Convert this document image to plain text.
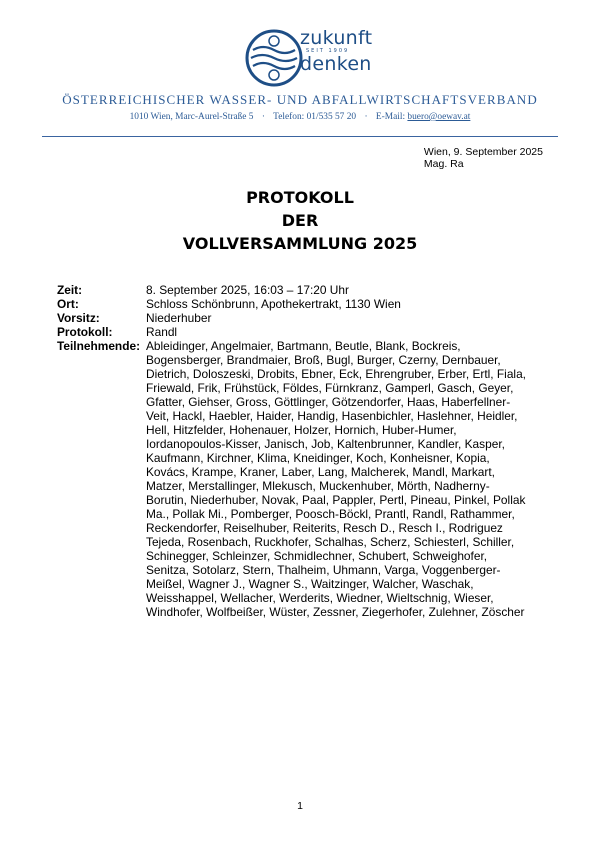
zukunft
SEIT 1909
denken
ÖSTERREICHISCHER WASSER- UND ABFALLWIRTSCHAFTSVERBAND
1010 Wien, Marc-Aurel-Straße 5 · Telefon: 01/535 57 20 · E-Mail: buero@oewav.at
Wien, 9. September 2025
Mag. Ra
PROTOKOLL
DER
VOLLVERSAMMLUNG 2025
Zeit:	8. September 2025, 16:03 – 17:20 Uhr
Ort:	Schloss Schönbrunn, Apothekertrakt, 1130 Wien
Vorsitz:	Niederhuber
Protokoll:	Randl
Teilnehmende: Ableidinger, Angelmaier, Bartmann, Beutle, Blank, Bockreis,
Bogensberger, Brandmaier, Broß, Bugl, Burger, Czerny, Dernbauer,
Dietrich, Doloszeski, Drobits, Ebner, Eck, Ehrengruber, Erber, Ertl, Fiala,
Friewald, Frik, Frühstück, Földes, Fürnkranz, Gamperl, Gasch, Geyer,
Gfatter, Giehser, Gross, Göttlinger, Götzendorfer, Haas, Haberfellner-
Veit, Hackl, Haebler, Haider, Handig, Hasenbichler, Haslehner, Heidler,
Hell, Hitzfelder, Hohenauer, Holzer, Hornich, Huber-Humer,
Iordanopoulos-Kisser, Janisch, Job, Kaltenbrunner, Kandler, Kasper,
Kaufmann, Kirchner, Klima, Kneidinger, Koch, Konheisner, Kopia,
Kovács, Krampe, Kraner, Laber, Lang, Malcherek, Mandl, Markart,
Matzer, Merstallinger, Mlekusch, Muckenhuber, Mörth, Nadherny-
Borutin, Niederhuber, Novak, Paal, Pappler, Pertl, Pineau, Pinkel, Pollak
Ma., Pollak Mi., Pomberger, Poosch-Böckl, Prantl, Randl, Rathammer,
Reckendorfer, Reiselhuber, Reiterits, Resch D., Resch I., Rodriguez
Tejeda, Rosenbach, Ruckhofer, Schalhas, Scherz, Schiesterl, Schiller,
Schinegger, Schleinzer, Schmidlechner, Schubert, Schweighofer,
Senitza, Sotolarz, Stern, Thalheim, Uhmann, Varga, Voggenberger-
Meißel, Wagner J., Wagner S., Waitzinger, Walcher, Waschak,
Weisshappel, Wellacher, Werderits, Wiedner, Wieltschnig, Wieser,
Windhofer, Wolfbeißer, Wüster, Zessner, Ziegerhofer, Zulehner, Zöscher
1
